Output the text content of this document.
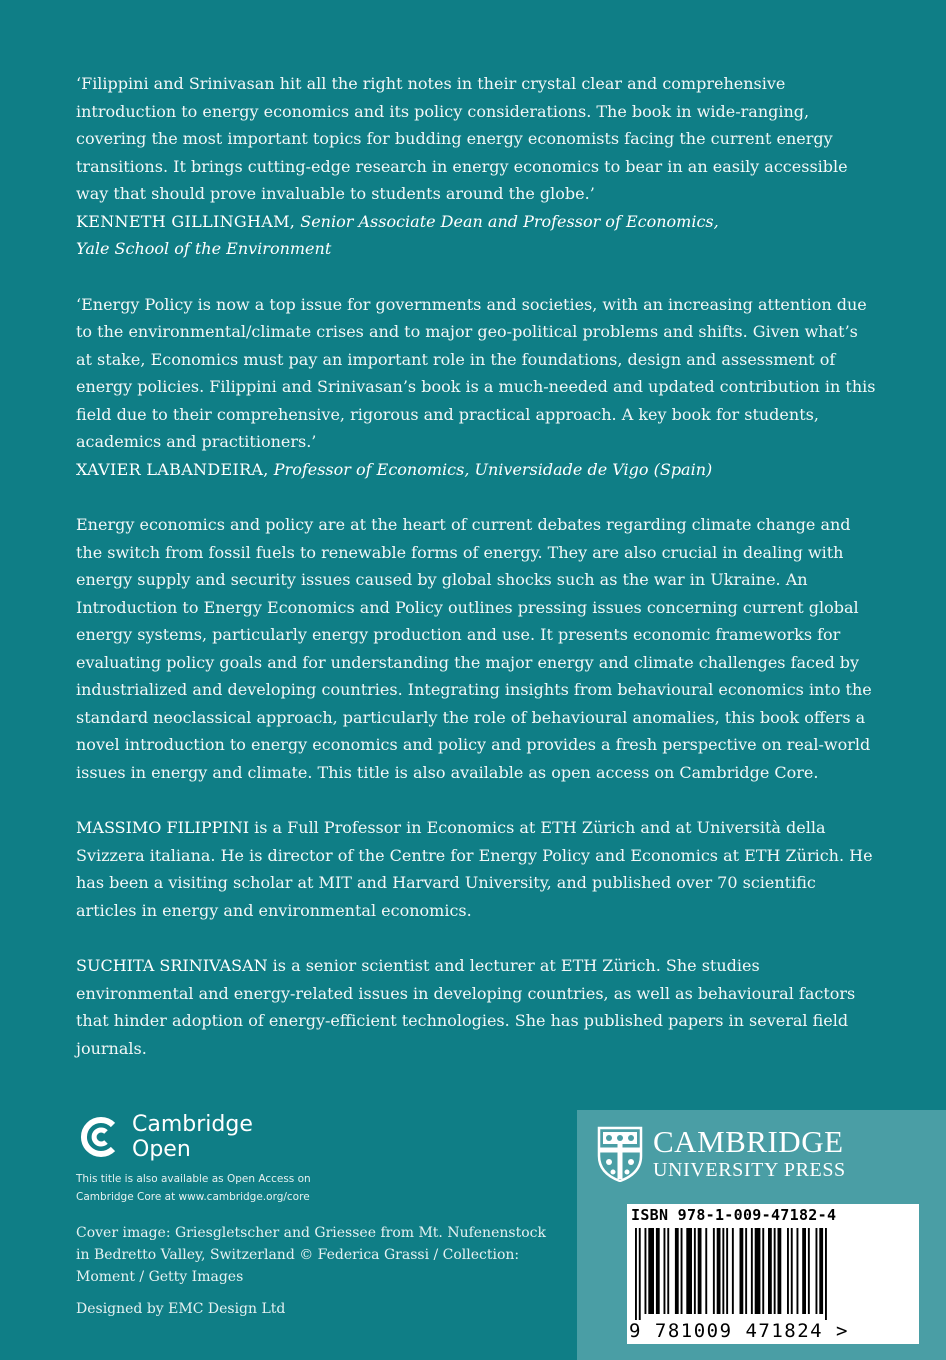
‘Filippini and Srinivasan hit all the right notes in their crystal clear and comprehensive introduction to energy economics and its policy considerations. The book in wide-ranging, covering the most important topics for budding energy economists facing the current energy transitions. It brings cutting-edge research in energy economics to bear in an easily accessible way that should prove invaluable to students around the globe.’

KENNETH GILLINGHAM, Senior Associate Dean and Professor of Economics,
Yale School of the Environment

‘Energy Policy is now a top issue for governments and societies, with an increasing attention due to the environmental/climate crises and to major geo-political problems and shifts. Given what’s at stake, Economics must pay an important role in the foundations, design and assessment of energy policies. Filippini and Srinivasan’s book is a much-needed and updated contribution in this field due to their comprehensive, rigorous and practical approach. A key book for students, academics and practitioners.’

XAVIER LABANDEIRA, Professor of Economics, Universidade de Vigo (Spain)

Energy economics and policy are at the heart of current debates regarding climate change and the switch from fossil fuels to renewable forms of energy. They are also crucial in dealing with energy supply and security issues caused by global shocks such as the war in Ukraine. An Introduction to Energy Economics and Policy outlines pressing issues concerning current global energy systems, particularly energy production and use. It presents economic frameworks for evaluating policy goals and for understanding the major energy and climate challenges faced by industrialized and developing countries. Integrating insights from behavioural economics into the standard neoclassical approach, particularly the role of behavioural anomalies, this book offers a novel introduction to energy economics and policy and provides a fresh perspective on real-world issues in energy and climate. This title is also available as open access on Cambridge Core.

MASSIMO FILIPPINI is a Full Professor in Economics at ETH Zürich and at Università della Svizzera italiana. He is director of the Centre for Energy Policy and Economics at ETH Zürich. He has been a visiting scholar at MIT and Harvard University, and published over 70 scientific articles in energy and environmental economics.

SUCHITA SRINIVASAN is a senior scientist and lecturer at ETH Zürich. She studies environmental and energy-related issues in developing countries, as well as behavioural factors that hinder adoption of energy-efficient technologies. She has published papers in several field journals.

Cambridge
Open
This title is also available as Open Access on
Cambridge Core at www.cambridge.org/core
Cover image: Griesgletscher and Griessee from Mt. Nufenenstock in Bedretto Valley, Switzerland © Federica Grassi / Collection: Moment / Getty Images
Designed by EMC Design Ltd
CAMBRIDGE
UNIVERSITY PRESS
ISBN 978-1-009-47182-4
9 781009 471824 >
